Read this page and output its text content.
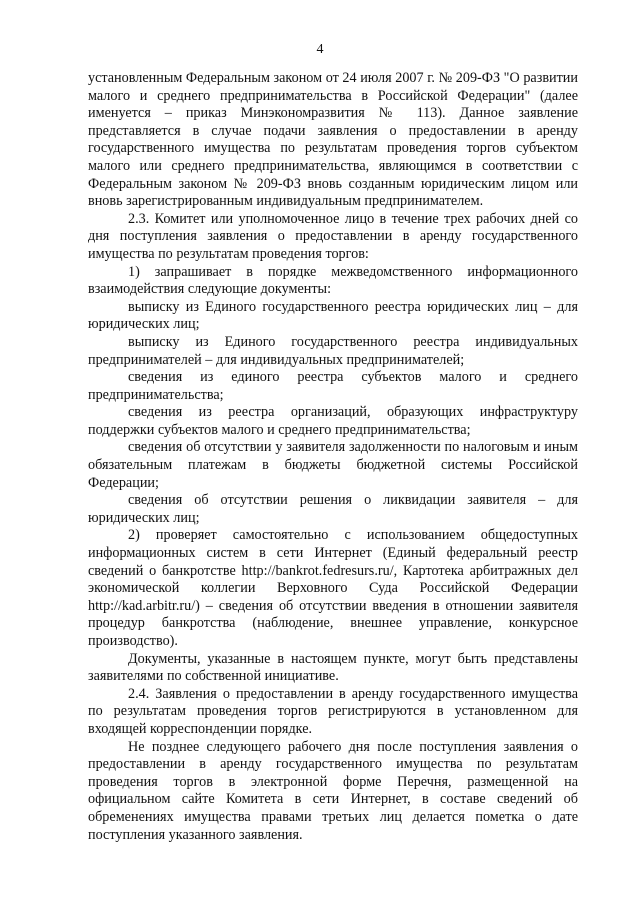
4

установленным Федеральным законом от 24 июля 2007 г. № 209-ФЗ "О развитии малого и среднего предпринимательства в Российской Федерации" (далее именуется – приказ Минэкономразвития № 113). Данное заявление представляется в случае подачи заявления о предоставлении в аренду государственного имущества по результатам проведения торгов субъектом малого или среднего предпринимательства, являющимся в соответствии с Федеральным законом № 209-ФЗ вновь созданным юридическим лицом или вновь зарегистрированным индивидуальным предпринимателем.

2.3. Комитет или уполномоченное лицо в течение трех рабочих дней со дня поступления заявления о предоставлении в аренду государственного имущества по результатам проведения торгов:

1) запрашивает в порядке межведомственного информационного взаимодействия следующие документы:

выписку из Единого государственного реестра юридических лиц – для юридических лиц;

выписку из Единого государственного реестра индивидуальных предпринимателей – для индивидуальных предпринимателей;

сведения из единого реестра субъектов малого и среднего предпринимательства;

сведения из реестра организаций, образующих инфраструктуру поддержки субъектов малого и среднего предпринимательства;

сведения об отсутствии у заявителя задолженности по налоговым и иным обязательным платежам в бюджеты бюджетной системы Российской Федерации;

сведения об отсутствии решения о ликвидации заявителя – для юридических лиц;

2) проверяет самостоятельно с использованием общедоступных информационных систем в сети Интернет (Единый федеральный реестр сведений о банкротстве http://bankrot.fedresurs.ru/, Картотека арбитражных дел экономической коллегии Верховного Суда Российской Федерации http://kad.arbitr.ru/) – сведения об отсутствии введения в отношении заявителя процедур банкротства (наблюдение, внешнее управление, конкурсное производство).

Документы, указанные в настоящем пункте, могут быть представлены заявителями по собственной инициативе.

2.4. Заявления о предоставлении в аренду государственного имущества по результатам проведения торгов регистрируются в установленном для входящей корреспонденции порядке.

Не позднее следующего рабочего дня после поступления заявления о предоставлении в аренду государственного имущества по результатам проведения торгов в электронной форме Перечня, размещенной на официальном сайте Комитета в сети Интернет, в составе сведений об обременениях имущества правами третьих лиц делается пометка о дате поступления указанного заявления.
